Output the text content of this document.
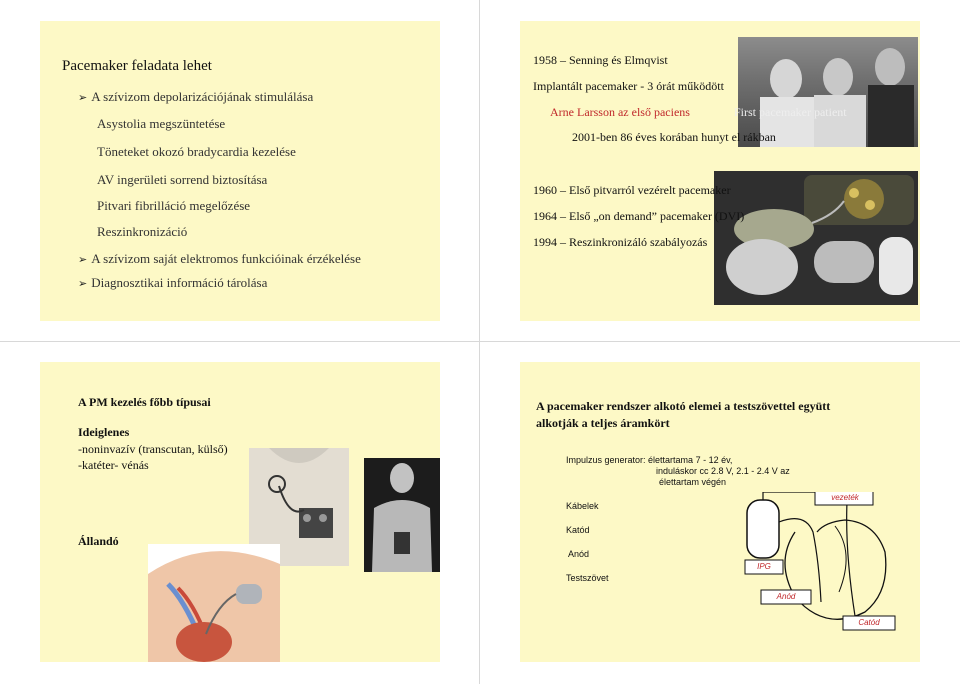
Pacemaker feladata lehet
➢ A szívizom depolarizációjának stimulálása
Asystolia megszüntetése
Töneteket okozó bradycardia kezelése
AV ingerületi sorrend biztosítása
Pitvari fibrilláció megelőzése
Reszinkronizáció
➢ A szívizom saját elektromos funkcióinak érzékelése
➢ Diagnosztikai információ tárolása
1958 – Senning és Elmqvist
Implantált pacemaker - 3 órát működött
Arne Larsson az első paciens	First pacemaker patient
2001-ben 86 éves korában hunyt el rákban
1960 – Első pitvarról vezérelt pacemaker
1964 – Első „on demand” pacemaker (DVI)
1994 – Reszinkronizáló szabályozás
A PM kezelés főbb típusai
Ideiglenes
-noninvazív (transcutan, külső)
-katéter- vénás
Állandó
A pacemaker rendszer alkotó elemei a testszövettel együtt
alkotják a teljes áramkört
Impulzus generator: élettartama 7 - 12 év,
induláskor cc 2.8 V, 2.1 - 2.4 V az
élettartam végén
Kábelek
Katód
Anód
Testszövet
vezeték
IPG
Anód
Catód
